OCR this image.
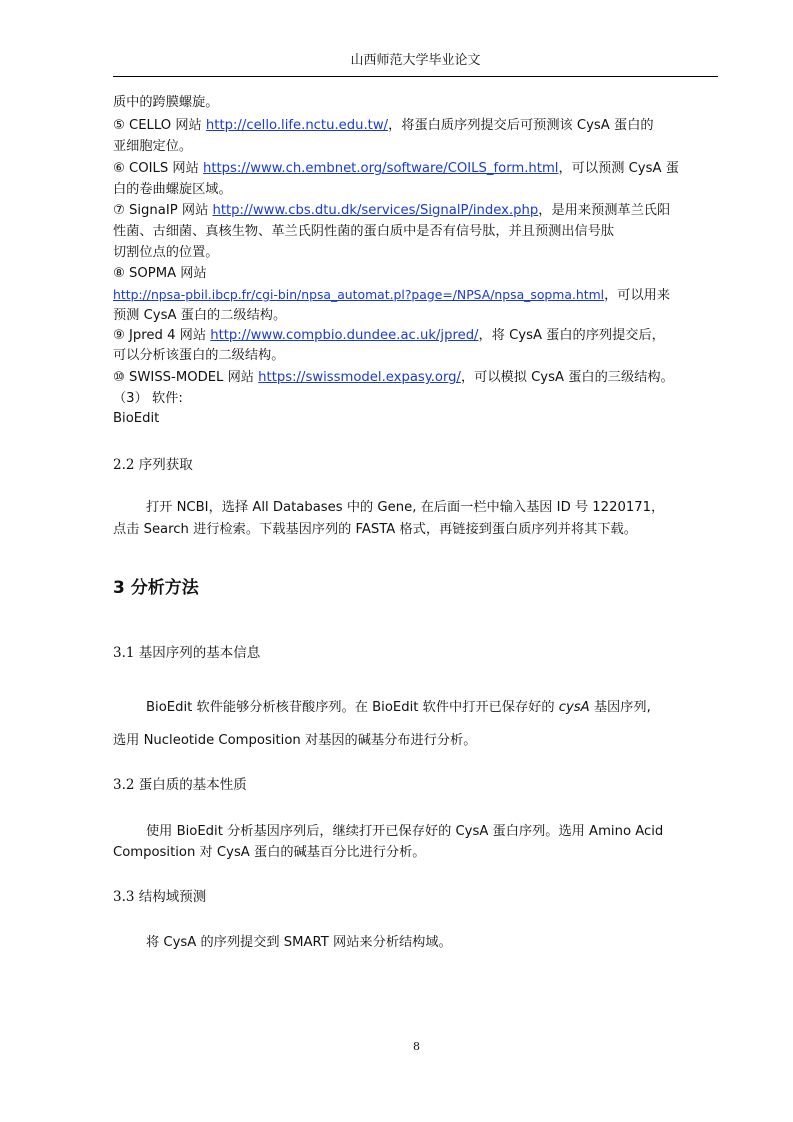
山西师范大学毕业论文
质中的跨膜螺旋。
⑤ CELLO 网站 http://cello.life.nctu.edu.tw/，将蛋白质序列提交后可预测该 CysA 蛋白的
亚细胞定位。
⑥ COILS 网站 https://www.ch.embnet.org/software/COILS_form.html，可以预测 CysA 蛋
白的卷曲螺旋区域。
⑦ SignaIP 网站 http://www.cbs.dtu.dk/services/SignalP/index.php，是用来预测革兰氏阳
性菌、古细菌、真核生物、革兰氏阴性菌的蛋白质中是否有信号肽，并且预测出信号肽
切割位点的位置。
⑧ SOPMA 网站
http://npsa-pbil.ibcp.fr/cgi-bin/npsa_automat.pl?page=/NPSA/npsa_sopma.html，可以用来
预测 CysA 蛋白的二级结构。
⑨ Jpred 4 网站 http://www.compbio.dundee.ac.uk/jpred/，将 CysA 蛋白的序列提交后，
可以分析该蛋白的二级结构。
⑩ SWISS-MODEL 网站 https://swissmodel.expasy.org/，可以模拟 CysA 蛋白的三级结构。
（3） 软件:
BioEdit
2.2 序列获取
打开 NCBI，选择 All Databases 中的 Gene, 在后面一栏中输入基因 ID 号 1220171，
点击 Search 进行检索。下载基因序列的 FASTA 格式，再链接到蛋白质序列并将其下载。
3 分析方法
3.1 基因序列的基本信息
BioEdit 软件能够分析核苷酸序列。在 BioEdit 软件中打开已保存好的 cysA 基因序列,
选用 Nucleotide Composition 对基因的碱基分布进行分析。
3.2 蛋白质的基本性质
使用 BioEdit 分析基因序列后，继续打开已保存好的 CysA 蛋白序列。选用 Amino Acid
Composition 对 CysA 蛋白的碱基百分比进行分析。
3.3 结构域预测
将 CysA 的序列提交到 SMART 网站来分析结构域。
8
